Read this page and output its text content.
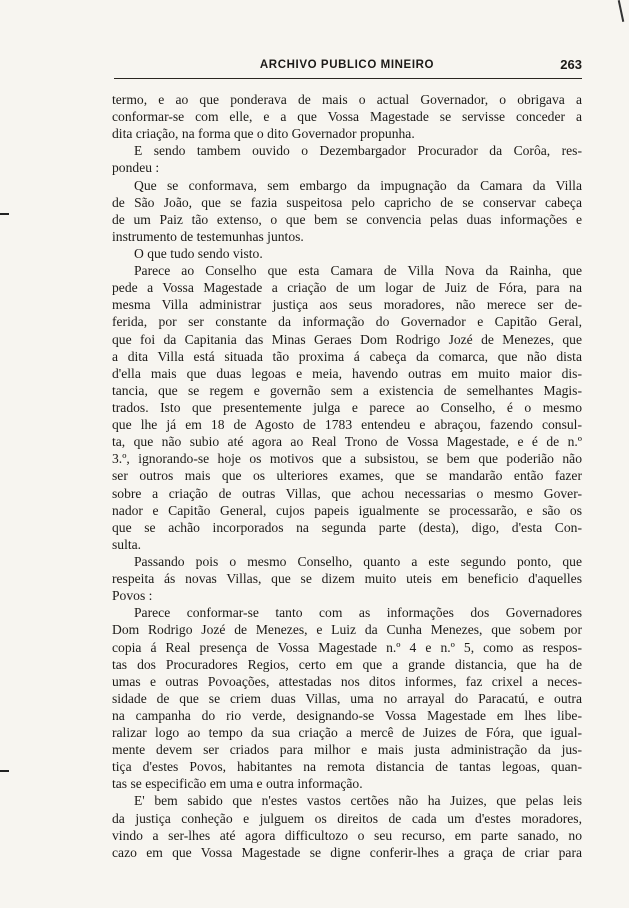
ARCHIVO PUBLICO MINEIRO	263
termo, e ao que ponderava de mais o actual Governador, o obrigava a
conformar-se com elle, e a que Vossa Magestade se servisse conceder a
dita criação, na forma que o dito Governador propunha.
E sendo tambem ouvido o Dezembargador Procurador da Corôa, res-
pondeu :
Que se conformava, sem embargo da impugnação da Camara da Villa
de São João, que se fazia suspeitosa pelo capricho de se conservar cabeça
de um Paiz tão extenso, o que bem se convencia pelas duas informações e
instrumento de testemunhas juntos.
O que tudo sendo visto.
Parece ao Conselho que esta Camara de Villa Nova da Rainha, que
pede a Vossa Magestade a criação de um logar de Juiz de Fóra, para na
mesma Villa administrar justiça aos seus moradores, não merece ser de-
ferida, por ser constante da informação do Governador e Capitão Geral,
que foi da Capitania das Minas Geraes Dom Rodrigo Jozé de Menezes, que
a dita Villa está situada tão proxima á cabeça da comarca, que não dista
d'ella mais que duas legoas e meia, havendo outras em muito maior dis-
tancia, que se regem e governão sem a existencia de semelhantes Magis-
trados. Isto que presentemente julga e parece ao Conselho, é o mesmo
que lhe já em 18 de Agosto de 1783 entendeu e abraçou, fazendo consul-
ta, que não subio até agora ao Real Trono de Vossa Magestade, e é de n.º
3.º, ignorando-se hoje os motivos que a subsistou, se bem que poderião não
ser outros mais que os ulteriores exames, que se mandarão então fazer
sobre a criação de outras Villas, que achou necessarias o mesmo Gover-
nador e Capitão General, cujos papeis igualmente se processarão, e são os
que se achão incorporados na segunda parte (desta), digo, d'esta Con-
sulta.
Passando pois o mesmo Conselho, quanto a este segundo ponto, que
respeita ás novas Villas, que se dizem muito uteis em beneficio d'aquelles
Povos :
Parece conformar-se tanto com as informações dos Governadores
Dom Rodrigo Jozé de Menezes, e Luiz da Cunha Menezes, que sobem por
copia á Real presença de Vossa Magestade n.º 4 e n.º 5, como as respos-
tas dos Procuradores Regios, certo em que a grande distancia, que ha de
umas e outras Povoações, attestadas nos ditos informes, faz crixel a neces-
sidade de que se criem duas Villas, uma no arrayal do Paracatú, e outra
na campanha do rio verde, designando-se Vossa Magestade em lhes libe-
ralizar logo ao tempo da sua criação a mercê de Juizes de Fóra, que igual-
mente devem ser criados para milhor e mais justa administração da jus-
tiça d'estes Povos, habitantes na remota distancia de tantas legoas, quan-
tas se especificão em uma e outra informação.
E' bem sabido que n'estes vastos certões não ha Juizes, que pelas leis
da justiça conheção e julguem os direitos de cada um d'estes moradores,
vindo a ser-lhes até agora difficultozo o seu recurso, em parte sanado, no
cazo em que Vossa Magestade se digne conferir-lhes a graça de criar para
